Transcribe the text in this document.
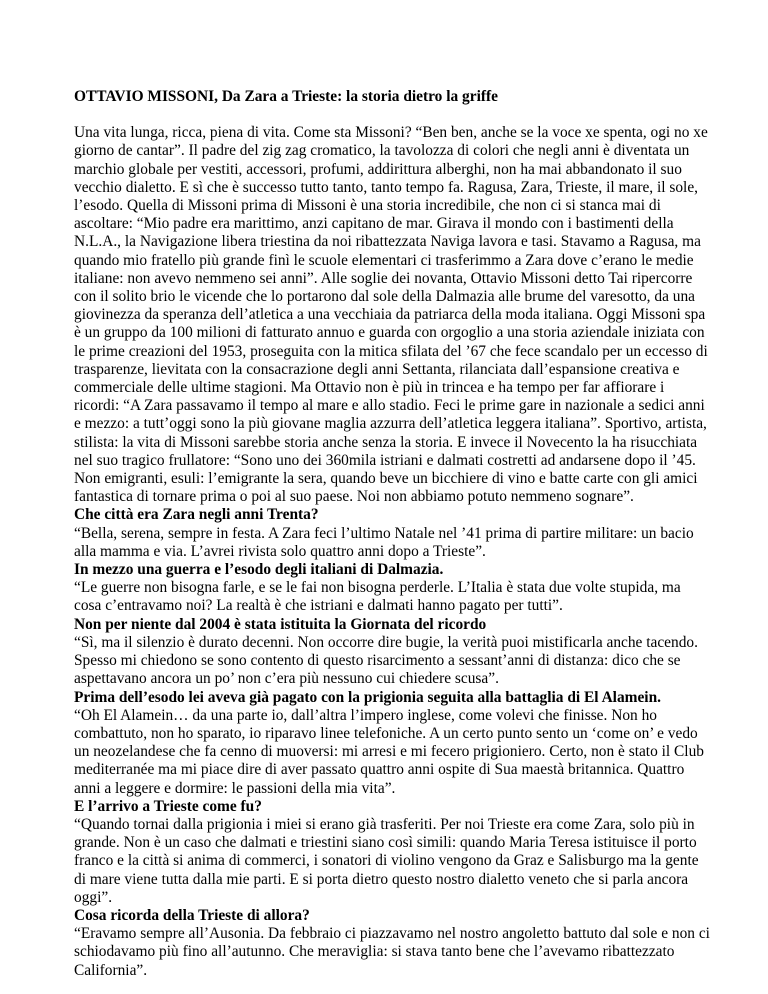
OTTAVIO MISSONI, Da Zara a Trieste: la storia dietro la griffe

Una vita lunga, ricca, piena di vita. Come sta Missoni? “Ben ben, anche se la voce xe spenta, ogi no xe giorno de cantar”. Il padre del zig zag cromatico, la tavolozza di colori che negli anni è diventata un marchio globale per vestiti, accessori, profumi, addirittura alberghi, non ha mai abbandonato il suo vecchio dialetto. E sì che è successo tutto tanto, tanto tempo fa. Ragusa, Zara, Trieste, il mare, il sole, l’esodo. Quella di Missoni prima di Missoni è una storia incredibile, che non ci si stanca mai di ascoltare: “Mio padre era marittimo, anzi capitano de mar. Girava il mondo con i bastimenti della N.L.A., la Navigazione libera triestina da noi ribattezzata Naviga lavora e tasi. Stavamo a Ragusa, ma quando mio fratello più grande finì le scuole elementari ci trasferimmo a Zara dove c’erano le medie italiane: non avevo nemmeno sei anni”. Alle soglie dei novanta, Ottavio Missoni detto Tai ripercorre con il solito brio le vicende che lo portarono dal sole della Dalmazia alle brume del varesotto, da una giovinezza da speranza dell’atletica a una vecchiaia da patriarca della moda italiana. Oggi Missoni spa è un gruppo da 100 milioni di fatturato annuo e guarda con orgoglio a una storia aziendale iniziata con le prime creazioni del 1953, proseguita con la mitica sfilata del ’67 che fece scandalo per un eccesso di trasparenze, lievitata con la consacrazione degli anni Settanta, rilanciata dall’espansione creativa e commerciale delle ultime stagioni. Ma Ottavio non è più in trincea e ha tempo per far affiorare i ricordi: “A Zara passavamo il tempo al mare e allo stadio. Feci le prime gare in nazionale a sedici anni e mezzo: a tutt’oggi sono la più giovane maglia azzurra dell’atletica leggera italiana”. Sportivo, artista, stilista: la vita di Missoni sarebbe storia anche senza la storia. E invece il Novecento la ha risucchiata nel suo tragico frullatore: “Sono uno dei 360mila istriani e dalmati costretti ad andarsene dopo il ’45. Non emigranti, esuli: l’emigrante la sera, quando beve un bicchiere di vino e batte carte con gli amici fantastica di tornare prima o poi al suo paese. Noi non abbiamo potuto nemmeno sognare”.

Che città era Zara negli anni Trenta?

“Bella, serena, sempre in festa. A Zara feci l’ultimo Natale nel ’41 prima di partire militare: un bacio alla mamma e via. L’avrei rivista solo quattro anni dopo a Trieste”.

In mezzo una guerra e l’esodo degli italiani di Dalmazia.

“Le guerre non bisogna farle, e se le fai non bisogna perderle. L’Italia è stata due volte stupida, ma cosa c’entravamo noi? La realtà è che istriani e dalmati hanno pagato per tutti”.

Non per niente dal 2004 è stata istituita la Giornata del ricordo

“Sì, ma il silenzio è durato decenni. Non occorre dire bugie, la verità puoi mistificarla anche tacendo. Spesso mi chiedono se sono contento di questo risarcimento a sessant’anni di distanza: dico che se aspettavano ancora un po’ non c’era più nessuno cui chiedere scusa”.

Prima dell’esodo lei aveva già pagato con la prigionia seguita alla battaglia di El Alamein.

“Oh El Alamein… da una parte io, dall’altra l’impero inglese, come volevi che finisse. Non ho combattuto, non ho sparato, io riparavo linee telefoniche. A un certo punto sento un ‘come on’ e vedo un neozelandese che fa cenno di muoversi: mi arresi e mi fecero prigioniero. Certo, non è stato il Club mediterranée ma mi piace dire di aver passato quattro anni ospite di Sua maestà britannica. Quattro anni a leggere e dormire: le passioni della mia vita”.

E l’arrivo a Trieste come fu?

“Quando tornai dalla prigionia i miei si erano già trasferiti. Per noi Trieste era come Zara, solo più in grande. Non è un caso che dalmati e triestini siano così simili: quando Maria Teresa istituisce il porto franco e la città si anima di commerci, i sonatori di violino vengono da Graz e Salisburgo ma la gente di mare viene tutta dalla mie parti. E si porta dietro questo nostro dialetto veneto che si parla ancora oggi”.

Cosa ricorda della Trieste di allora?

“Eravamo sempre all’Ausonia. Da febbraio ci piazzavamo nel nostro angoletto battuto dal sole e non ci schiodavamo più fino all’autunno. Che meraviglia: si stava tanto bene che l’avevamo ribattezzato California”.
